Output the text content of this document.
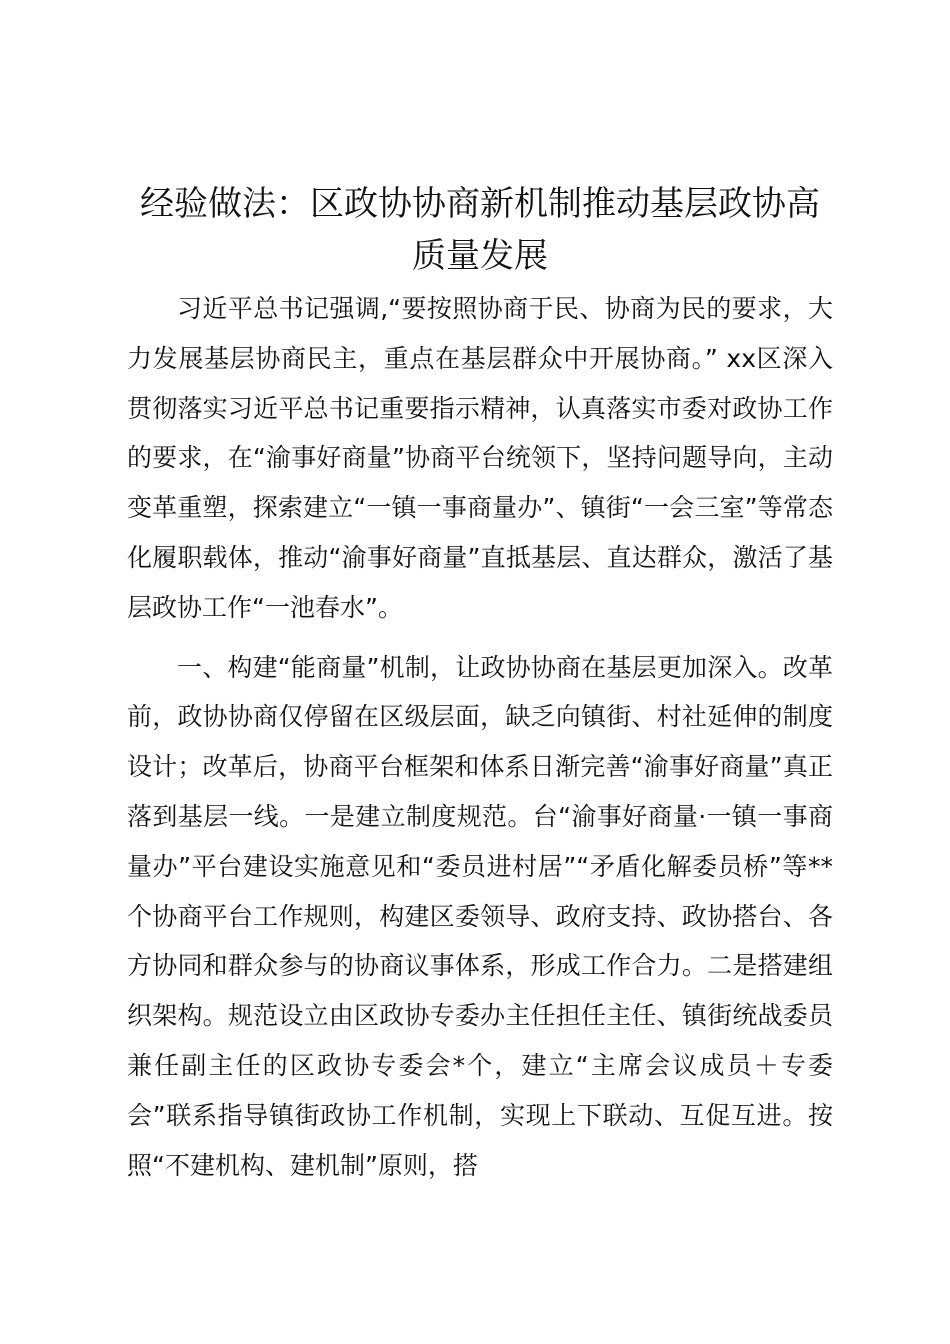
经验做法：区政协协商新机制推动基层政协高质量发展

习近平总书记强调,“要按照协商于民、协商为民的要求，大力发展基层协商民主，重点在基层群众中开展协商。” xx区深入贯彻落实习近平总书记重要指示精神，认真落实市委对政协工作的要求，在“渝事好商量”协商平台统领下，坚持问题导向，主动变革重塑，探索建立“一镇一事商量办”、镇街“一会三室”等常态化履职载体，推动“渝事好商量”直抵基层、直达群众，激活了基层政协工作“一池春水”。

一、构建“能商量”机制，让政协协商在基层更加深入。改革前，政协协商仅停留在区级层面，缺乏向镇街、村社延伸的制度设计；改革后，协商平台框架和体系日渐完善“渝事好商量”真正落到基层一线。一是建立制度规范。台“渝事好商量·一镇一事商量办”平台建设实施意见和“委员进村居”“矛盾化解委员桥”等**个协商平台工作规则，构建区委领导、政府支持、政协搭台、各方协同和群众参与的协商议事体系，形成工作合力。二是搭建组织架构。规范设立由区政协专委办主任担任主任、镇街统战委员兼任副主任的区政协专委会*个，建立“主席会议成员＋专委会”联系指导镇街政协工作机制，实现上下联动、互促互进。按照“不建机构、建机制”原则，搭
